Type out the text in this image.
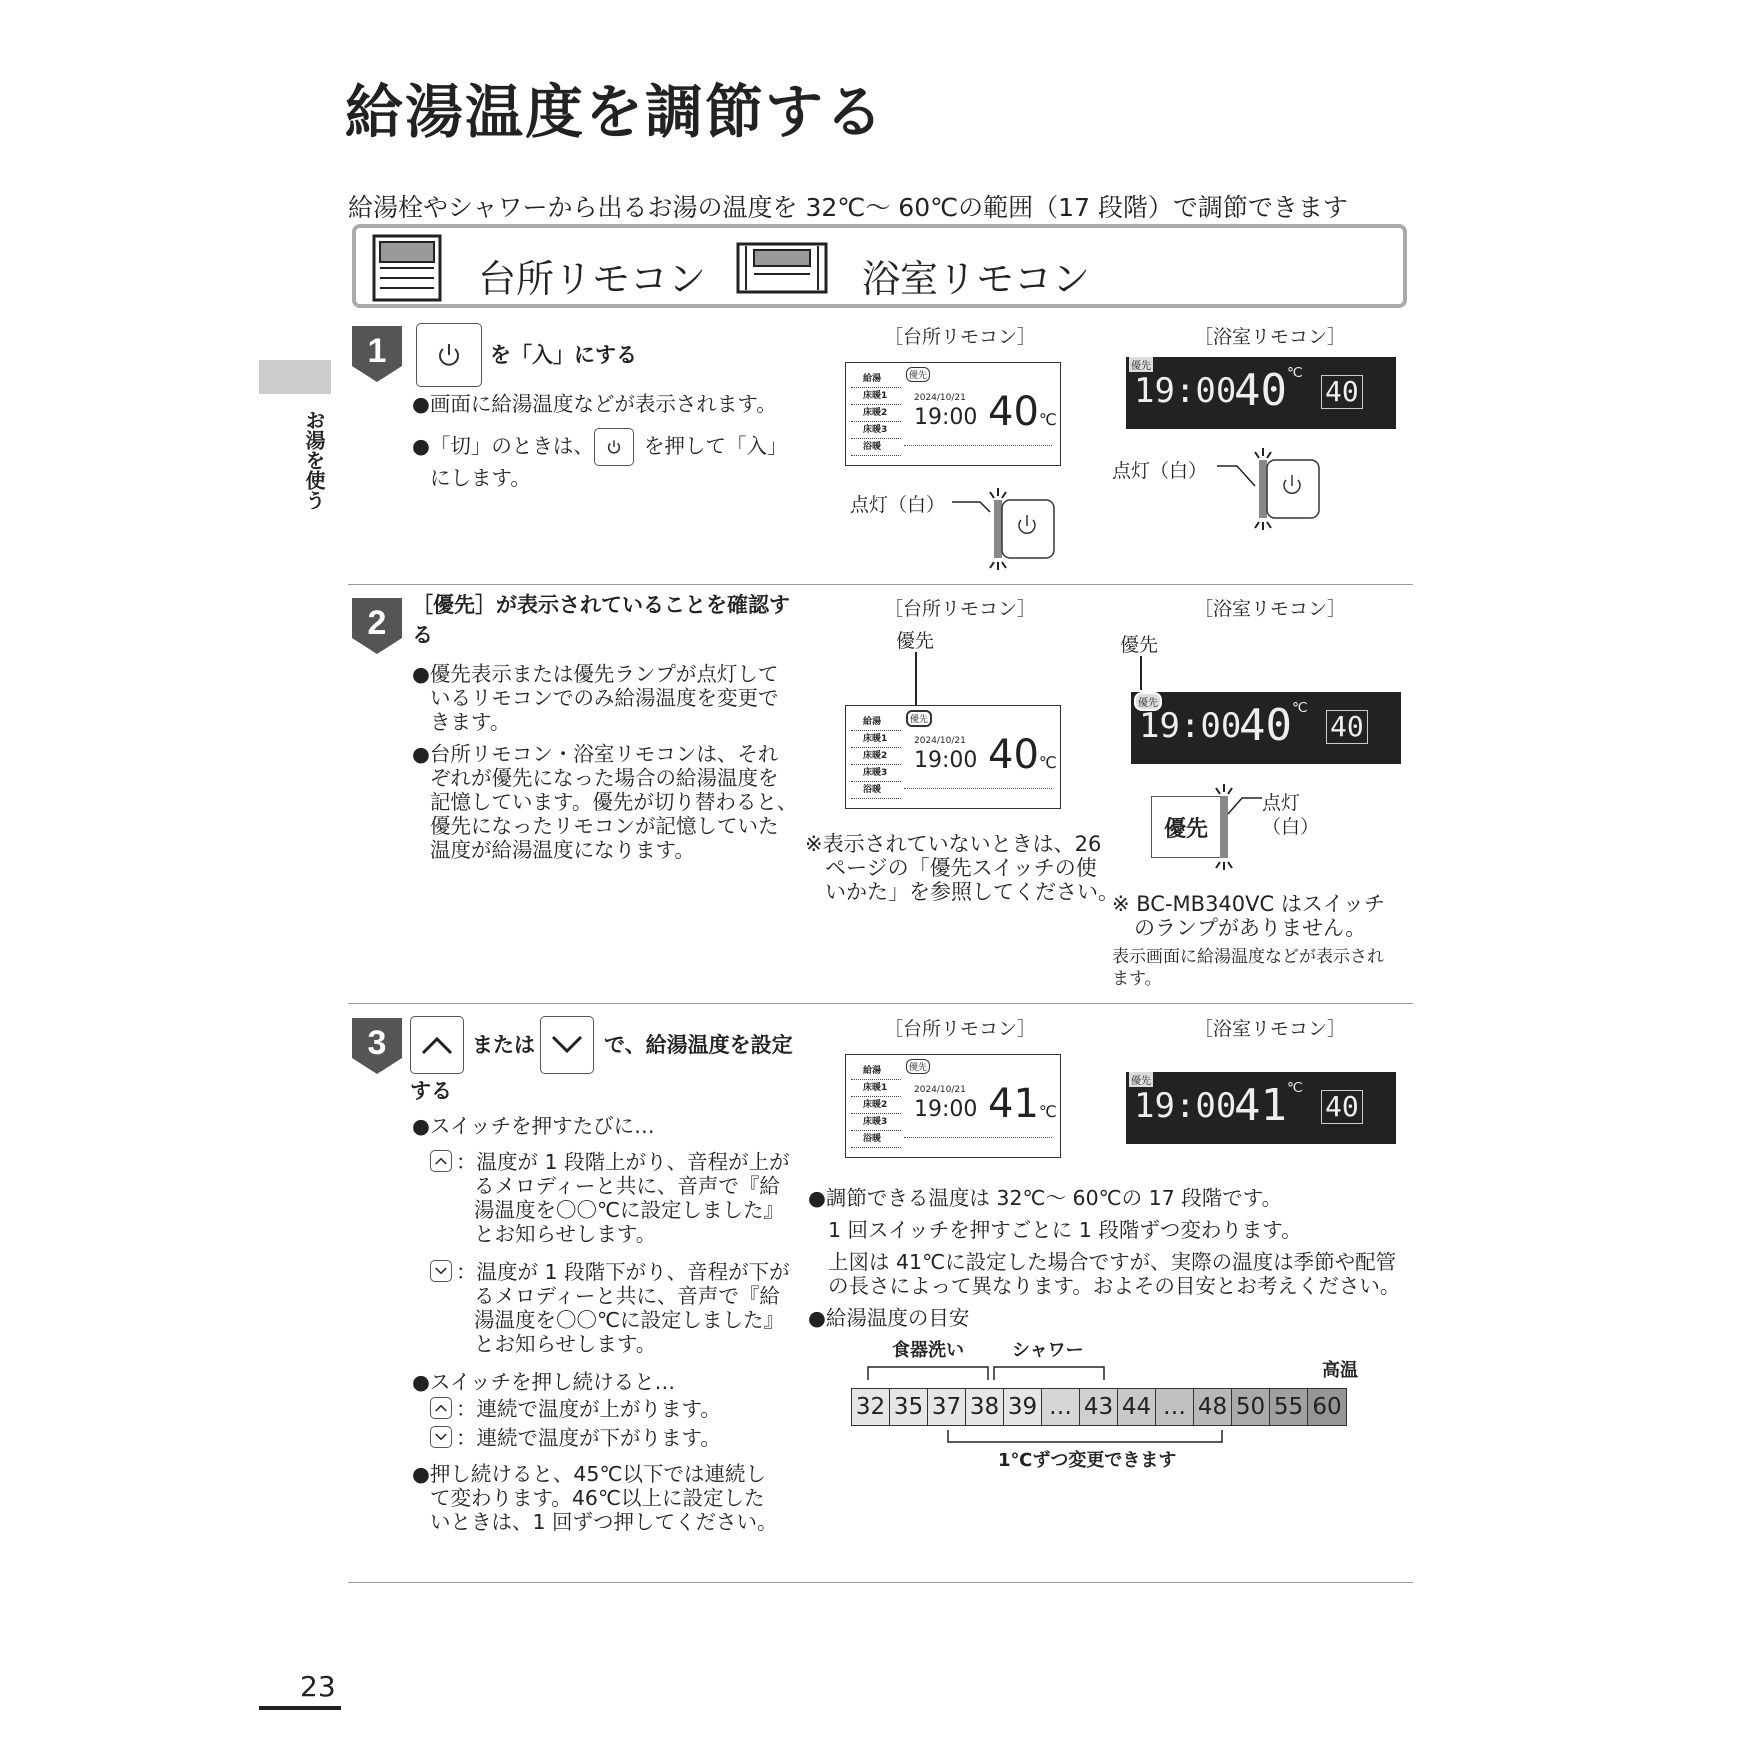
給湯温度を調節する
給湯栓やシャワーから出るお湯の温度を 32℃～ 60℃の範囲（17 段階）で調節できます
台所リモコン	浴室リモコン
お湯を使う
1	を「入」にする
●画面に給湯温度などが表示されます。
●「切」のときは、 を押して「入」
にします。
［台所リモコン］	［浴室リモコン］
給湯
床暖1
床暖2
床暖3
浴暖
優先
2024/10/21
19:00 40℃
点灯（白）
優先
19:00
40℃
40
点灯（白）
2 ［優先］が表示されていることを確認す
る
●優先表示または優先ランプが点灯して
いるリモコンでのみ給湯温度を変更で
きます。
●台所リモコン・浴室リモコンは、それ
ぞれが優先になった場合の給湯温度を
記憶しています。優先が切り替わると、
優先になったリモコンが記憶していた
温度が給湯温度になります。
［台所リモコン］	［浴室リモコン］
優先
給湯
床暖1
床暖2
床暖3
浴暖
優先
2024/10/21
19:00 40℃
※表示されていないときは、26
ページの「優先スイッチの使
いかた」を参照してください。
優先
優先
19:00
40℃
40
優先
点灯
（白）
※ BC-MB340VC はスイッチ
のランプがありません。
表示画面に給湯温度などが表示され
ます。
3	または	で、給湯温度を設定
する
●スイッチを押すたびに…
：温度が 1 段階上がり、音程が上が
るメロディーと共に、音声で『給
湯温度を〇〇℃に設定しました』
とお知らせします。
：温度が 1 段階下がり、音程が下が
るメロディーと共に、音声で『給
湯温度を〇〇℃に設定しました』
とお知らせします。
●スイッチを押し続けると…
：連続で温度が上がります。
：連続で温度が下がります。
●押し続けると、45℃以下では連続し
て変わります。46℃以上に設定した
いときは、1 回ずつ押してください。
［台所リモコン］	［浴室リモコン］
給湯
床暖1
床暖2
床暖3
浴暖
優先
2024/10/21
19:00 41℃
優先
19:00
41℃
40
●調節できる温度は 32℃～ 60℃の 17 段階です。
1 回スイッチを押すごとに 1 段階ずつ変わります。
上図は 41℃に設定した場合ですが、実際の温度は季節や配管
の長さによって異なります。およその目安とお考えください。
●給湯温度の目安
食器洗い	シャワー
高温
32 35 37 38 39 … 43 44 … 48 50 55 60
1℃ずつ変更できます
23
